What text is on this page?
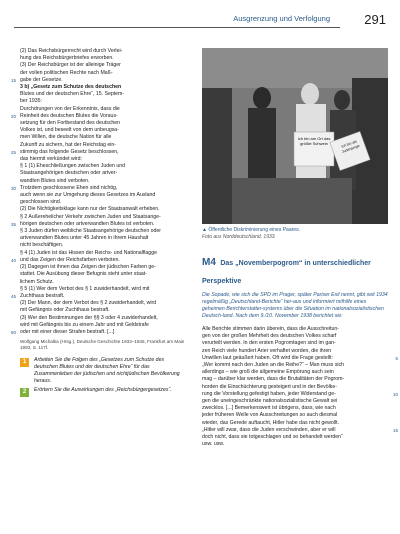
Ausgrenzung und Verfolgung	291
(2) Das Reichsbürgerrecht wird durch Verlei-
hung des Reichsbürgerbriefes erworben.
(3) Der Reichsbürger ist der alleinige Träger
der vollen politischen Rechte nach Maß-
gabe der Gesetze.
15
3 b) „Gesetz zum Schutze des deutschen
Blutes und der deutschen Ehre“, 15. Septem-
ber 1935:
Durchdrungen von der Erkenntnis, dass die
Reinheit des deutschen Blutes die Voraus-
20
setzung für den Fortbestand des deutschen
Volkes ist, und beseelt von dem unbeugsa-
men Willen, die deutsche Nation für alle
Zukunft zu sichern, hat der Reichstag ein-
stimmig das folgende Gesetz beschlossen,
25
das hiermit verkündet wird:
§ 1 (1) Eheschließungen zwischen Juden und
Staatsangehörigen deutschen oder artver-
wandten Blutes sind verboten.
Trotzdem geschlossene Ehen sind nichtig,
30
auch wenn sie zur Umgehung dieses Gesetzes im Ausland
geschlossen sind.
(2) Die Nichtigkeitsklage kann nur der Staatsanwalt erheben.
§ 2 Außerehelicher Verkehr zwischen Juden und Staatsange-
hörigen deutschen oder artverwandten Blutes ist verboten.
35
§ 3 Juden dürfen weibliche Staatsangehörige deutschen oder
artverwandten Blutes unter 45 Jahren in ihrem Haushalt
nicht beschäftigen.
§ 4 (1) Juden ist das Hissen der Reichs- und Nationalflagge
und das Zeigen der Reichsfarben verboten.
40
(2) Dagegen ist ihnen das Zeigen der jüdischen Farben ge-
stattet. Die Ausübung dieser Befugnis steht unter staat-
lichem Schutz.
§ 5 (1) Wer dem Verbot des § 1 zuwiderhandelt, wird mit
Zuchthaus bestraft.
45
(2) Der Mann, der dem Verbot des § 2 zuwiderhandelt, wird
mit Gefängnis oder Zuchthaus bestraft.
(3) Wer den Bestimmungen der §§ 3 oder 4 zuwiderhandelt,
wird mit Gefängnis bis zu einem Jahr und mit Geldstrafe
oder mit einer dieser Strafen bestraft. [...]
50
Wolfgang Michalka (Hrsg.), Deutsche Geschichte 1933–1945, Frankfurt am Main 1993, S. 117f.
1	Arbeiten Sie die Folgen des „Gesetzes zum Schutze des deutschen Blutes und der deutschen Ehre“ für das Zusammenleben der jüdischen und nichtjüdischen Bevölkerung heraus.
2	Erörtern Sie die Auswirkungen des „Reichsbürgergesetzes“.
Ich bin am Ort das größte Schwein	Ich bin als Judenjunge
▲ Öffentliche Diskriminierung eines Paares.
Foto aus Norddeutschland, 1933.
M4 Das „Novemberpogrom“ in unterschiedlicher Perspektive
Die Sopade, wie sich die SPD im Prager, später Pariser Exil nennt, gibt seit 1934 regelmäßig „Deutschland-Berichte“ her-aus und informiert mithilfe eines geheimen Berichterstatter-systems über die Situation im nationalsozialistischen Deutsch-land. Nach dem 9./10. November 1938 berichtet sie:
Alle Berichte stimmen darin überein, dass die Ausschreitun-
gen von der großen Mehrheit des deutschen Volkes scharf
verurteilt werden. In den ersten Pogromtagen sind im gan-
zen Reich viele hundert Arier verhaftet worden, die ihren
Unwillen laut geäußert haben. Oft wird die Frage gestellt:	5
„Wer kommt nach den Juden an die Reihe?“ – Man muss sich
allerdings – wie groß die allgemeine Empörung auch sein
mag – darüber klar werden, dass die Brutalitäten der Pogrom-
horden die Einschüchterung gesteigert und in der Bevölke-
rung die Vorstellung gefestigt haben, jeder Widerstand ge-	10
gen die uneingeschränkte nationalsozialistische Gewalt sei
zwecklos. [...] Bemerkenswert ist übrigens, dass, wie nach
jeder früheren Welle von Ausschreitungen so auch diesmal
wieder, das Gerede auftaucht, Hitler habe das nicht gewollt.
„Hitler will zwar, dass die Juden verschwinden, aber er will	15
doch nicht, dass sie totgeschlagen und so behandelt werden“
usw. usw.
